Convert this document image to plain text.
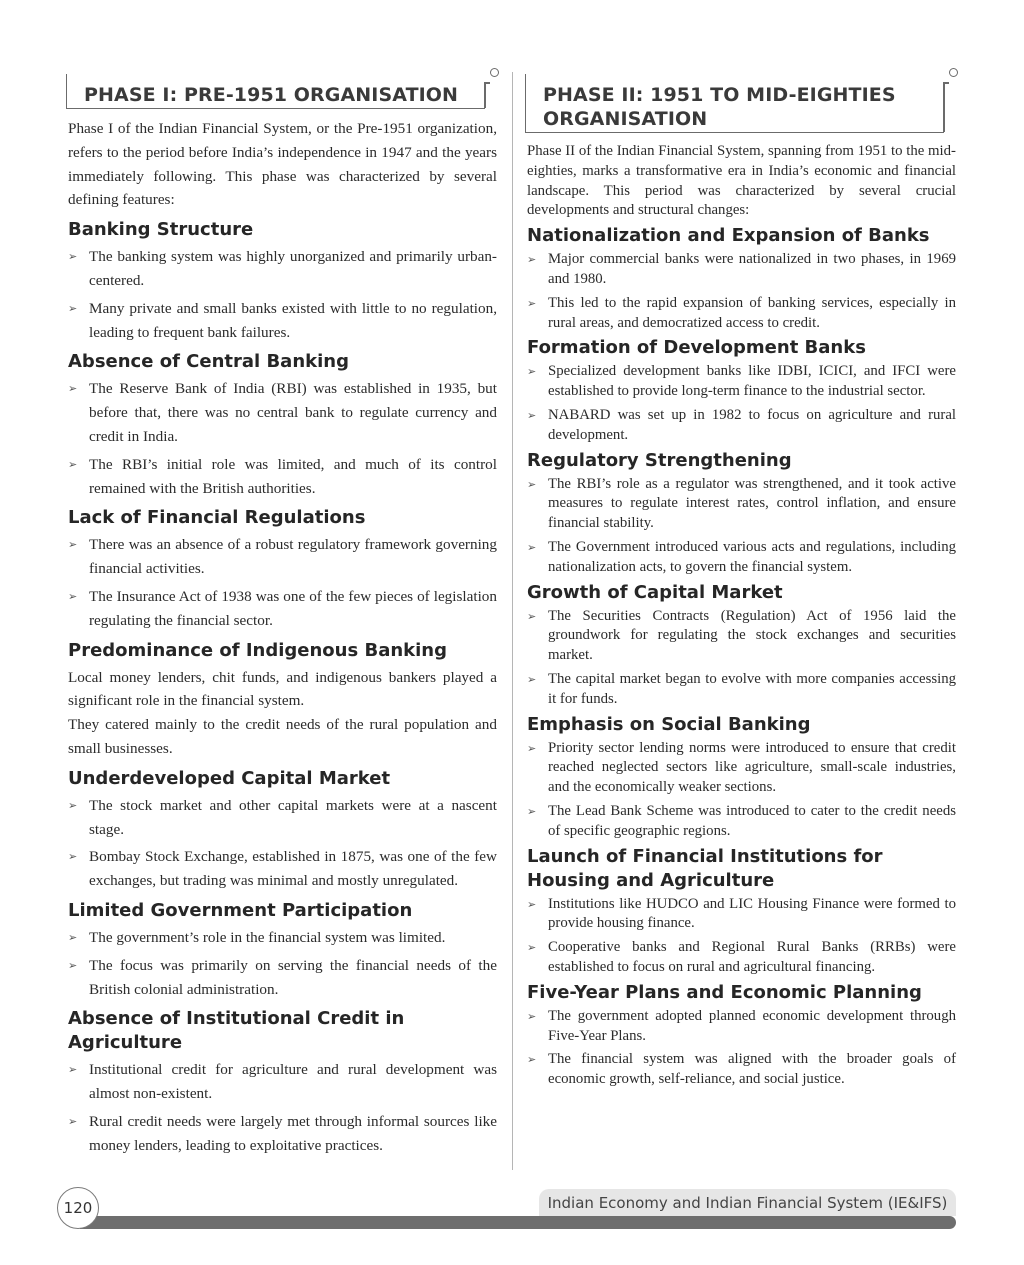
PHASE I: PRE-1951 ORGANISATION

Phase I of the Indian Financial System, or the Pre-1951 organization, refers to the period before India’s independence in 1947 and the years immediately following. This phase was characterized by several defining features:

Banking Structure
➢ The banking system was highly unorganized and primarily urban-centered.
➢ Many private and small banks existed with little to no regulation, leading to frequent bank failures.
Absence of Central Banking
➢ The Reserve Bank of India (RBI) was established in 1935, but before that, there was no central bank to regulate currency and credit in India.
➢ The RBI’s initial role was limited, and much of its control remained with the British authorities.
Lack of Financial Regulations
➢ There was an absence of a robust regulatory framework governing financial activities.
➢ The Insurance Act of 1938 was one of the few pieces of legislation regulating the financial sector.
Predominance of Indigenous Banking

Local money lenders, chit funds, and indigenous bankers played a significant role in the financial system.

They catered mainly to the credit needs of the rural population and small businesses.

Underdeveloped Capital Market
➢ The stock market and other capital markets were at a nascent stage.
➢ Bombay Stock Exchange, established in 1875, was one of the few exchanges, but trading was minimal and mostly unregulated.
Limited Government Participation
➢ The government’s role in the financial system was limited.
➢ The focus was primarily on serving the financial needs of the British colonial administration.
Absence of Institutional Credit in Agriculture
➢ Institutional credit for agriculture and rural development was almost non-existent.
➢ Rural credit needs were largely met through informal sources like money lenders, leading to exploitative practices.
PHASE II: 1951 TO MID-EIGHTIES ORGANISATION

Phase II of the Indian Financial System, spanning from 1951 to the mid-eighties, marks a transformative era in India’s economic and financial landscape. This period was characterized by several crucial developments and structural changes:

Nationalization and Expansion of Banks
➢ Major commercial banks were nationalized in two phases, in 1969 and 1980.
➢ This led to the rapid expansion of banking services, especially in rural areas, and democratized access to credit.
Formation of Development Banks
➢ Specialized development banks like IDBI, ICICI, and IFCI were established to provide long-term finance to the industrial sector.
➢ NABARD was set up in 1982 to focus on agriculture and rural development.
Regulatory Strengthening
➢ The RBI’s role as a regulator was strengthened, and it took active measures to regulate interest rates, control inflation, and ensure financial stability.
➢ The Government introduced various acts and regulations, including nationalization acts, to govern the financial system.
Growth of Capital Market
➢ The Securities Contracts (Regulation) Act of 1956 laid the groundwork for regulating the stock exchanges and securities market.
➢ The capital market began to evolve with more companies accessing it for funds.
Emphasis on Social Banking
➢ Priority sector lending norms were introduced to ensure that credit reached neglected sectors like agriculture, small-scale industries, and the economically weaker sections.
➢ The Lead Bank Scheme was introduced to cater to the credit needs of specific geographic regions.
Launch of Financial Institutions for Housing and Agriculture
➢ Institutions like HUDCO and LIC Housing Finance were formed to provide housing finance.
➢ Cooperative banks and Regional Rural Banks (RRBs) were established to focus on rural and agricultural financing.
Five-Year Plans and Economic Planning
➢ The government adopted planned economic development through Five-Year Plans.
➢ The financial system was aligned with the broader goals of economic growth, self-reliance, and social justice.
Indian Economy and Indian Financial System (IE&IFS)
120
